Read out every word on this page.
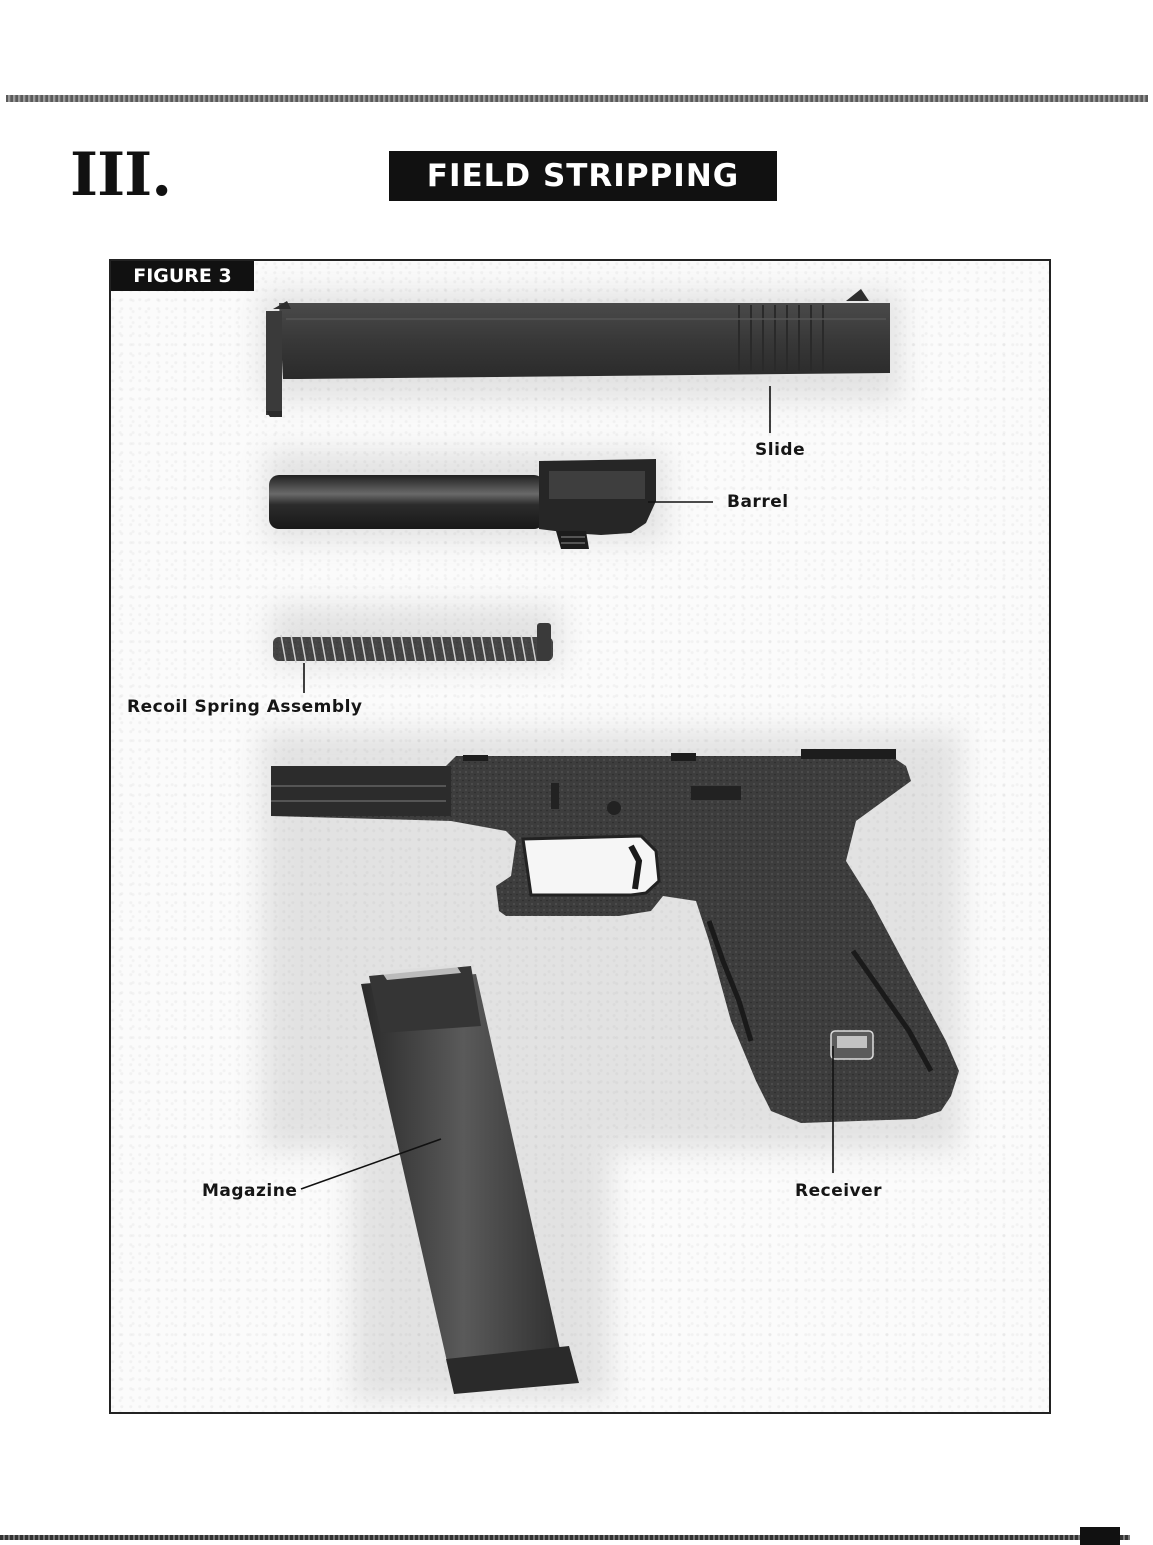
III.	FIELD STRIPPING
FIGURE 3
Slide
Barrel
Recoil Spring Assembly
Magazine	Receiver
